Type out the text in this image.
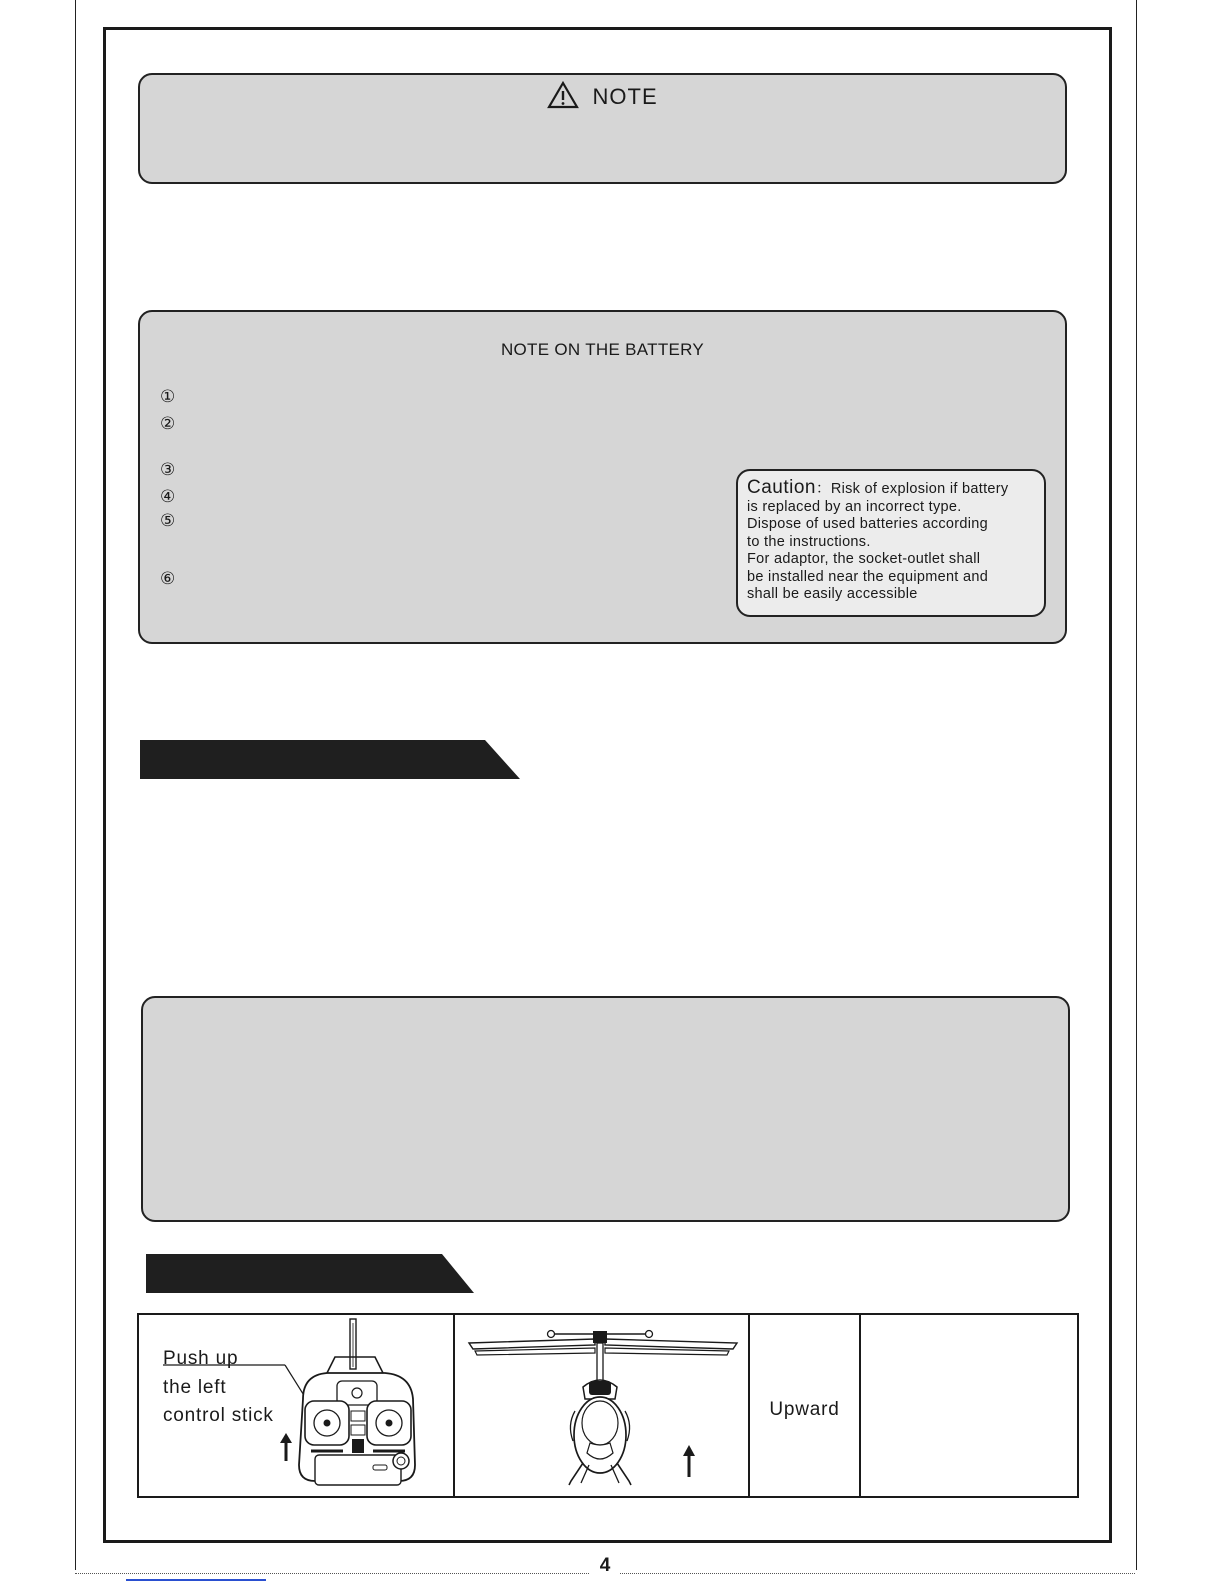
NOTE
NOTE ON THE BATTERY
①
②
③
④
⑤
⑥
Caution：Risk of explosion if battery
is replaced by an incorrect type.
Dispose of used batteries according
to the instructions.
For adaptor, the socket-outlet shall
be installed near the equipment and
shall be easily accessible
Push up
the left
control stick	Upward
4
